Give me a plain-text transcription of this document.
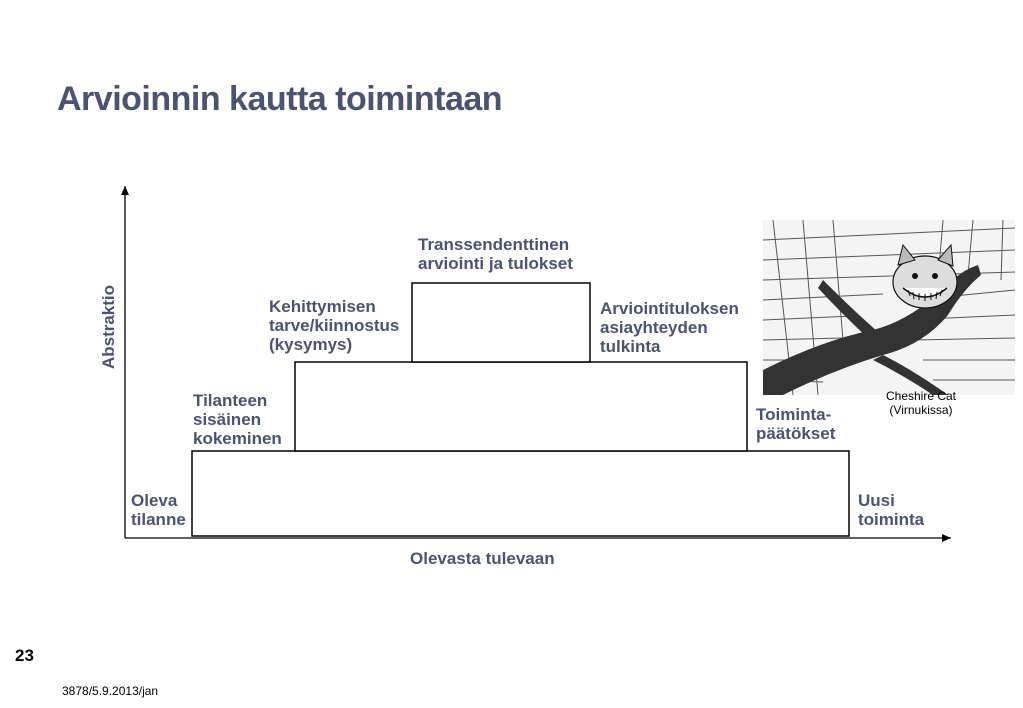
Arvioinnin kautta toimintaan
Abstraktio
Olevasta tulevaan
Oleva
tilanne
Uusi
toiminta
Tilanteen
sisäinen
kokeminen
Toiminta-
päätökset
Kehittymisen
tarve/kiinnostus
(kysymys)
Arviointituloksen
asiayhteyden
tulkinta
Transsendenttinen
arviointi ja tulokset
Cheshire Cat
(Virnukissa)
23
3878/5.9.2013/jan
